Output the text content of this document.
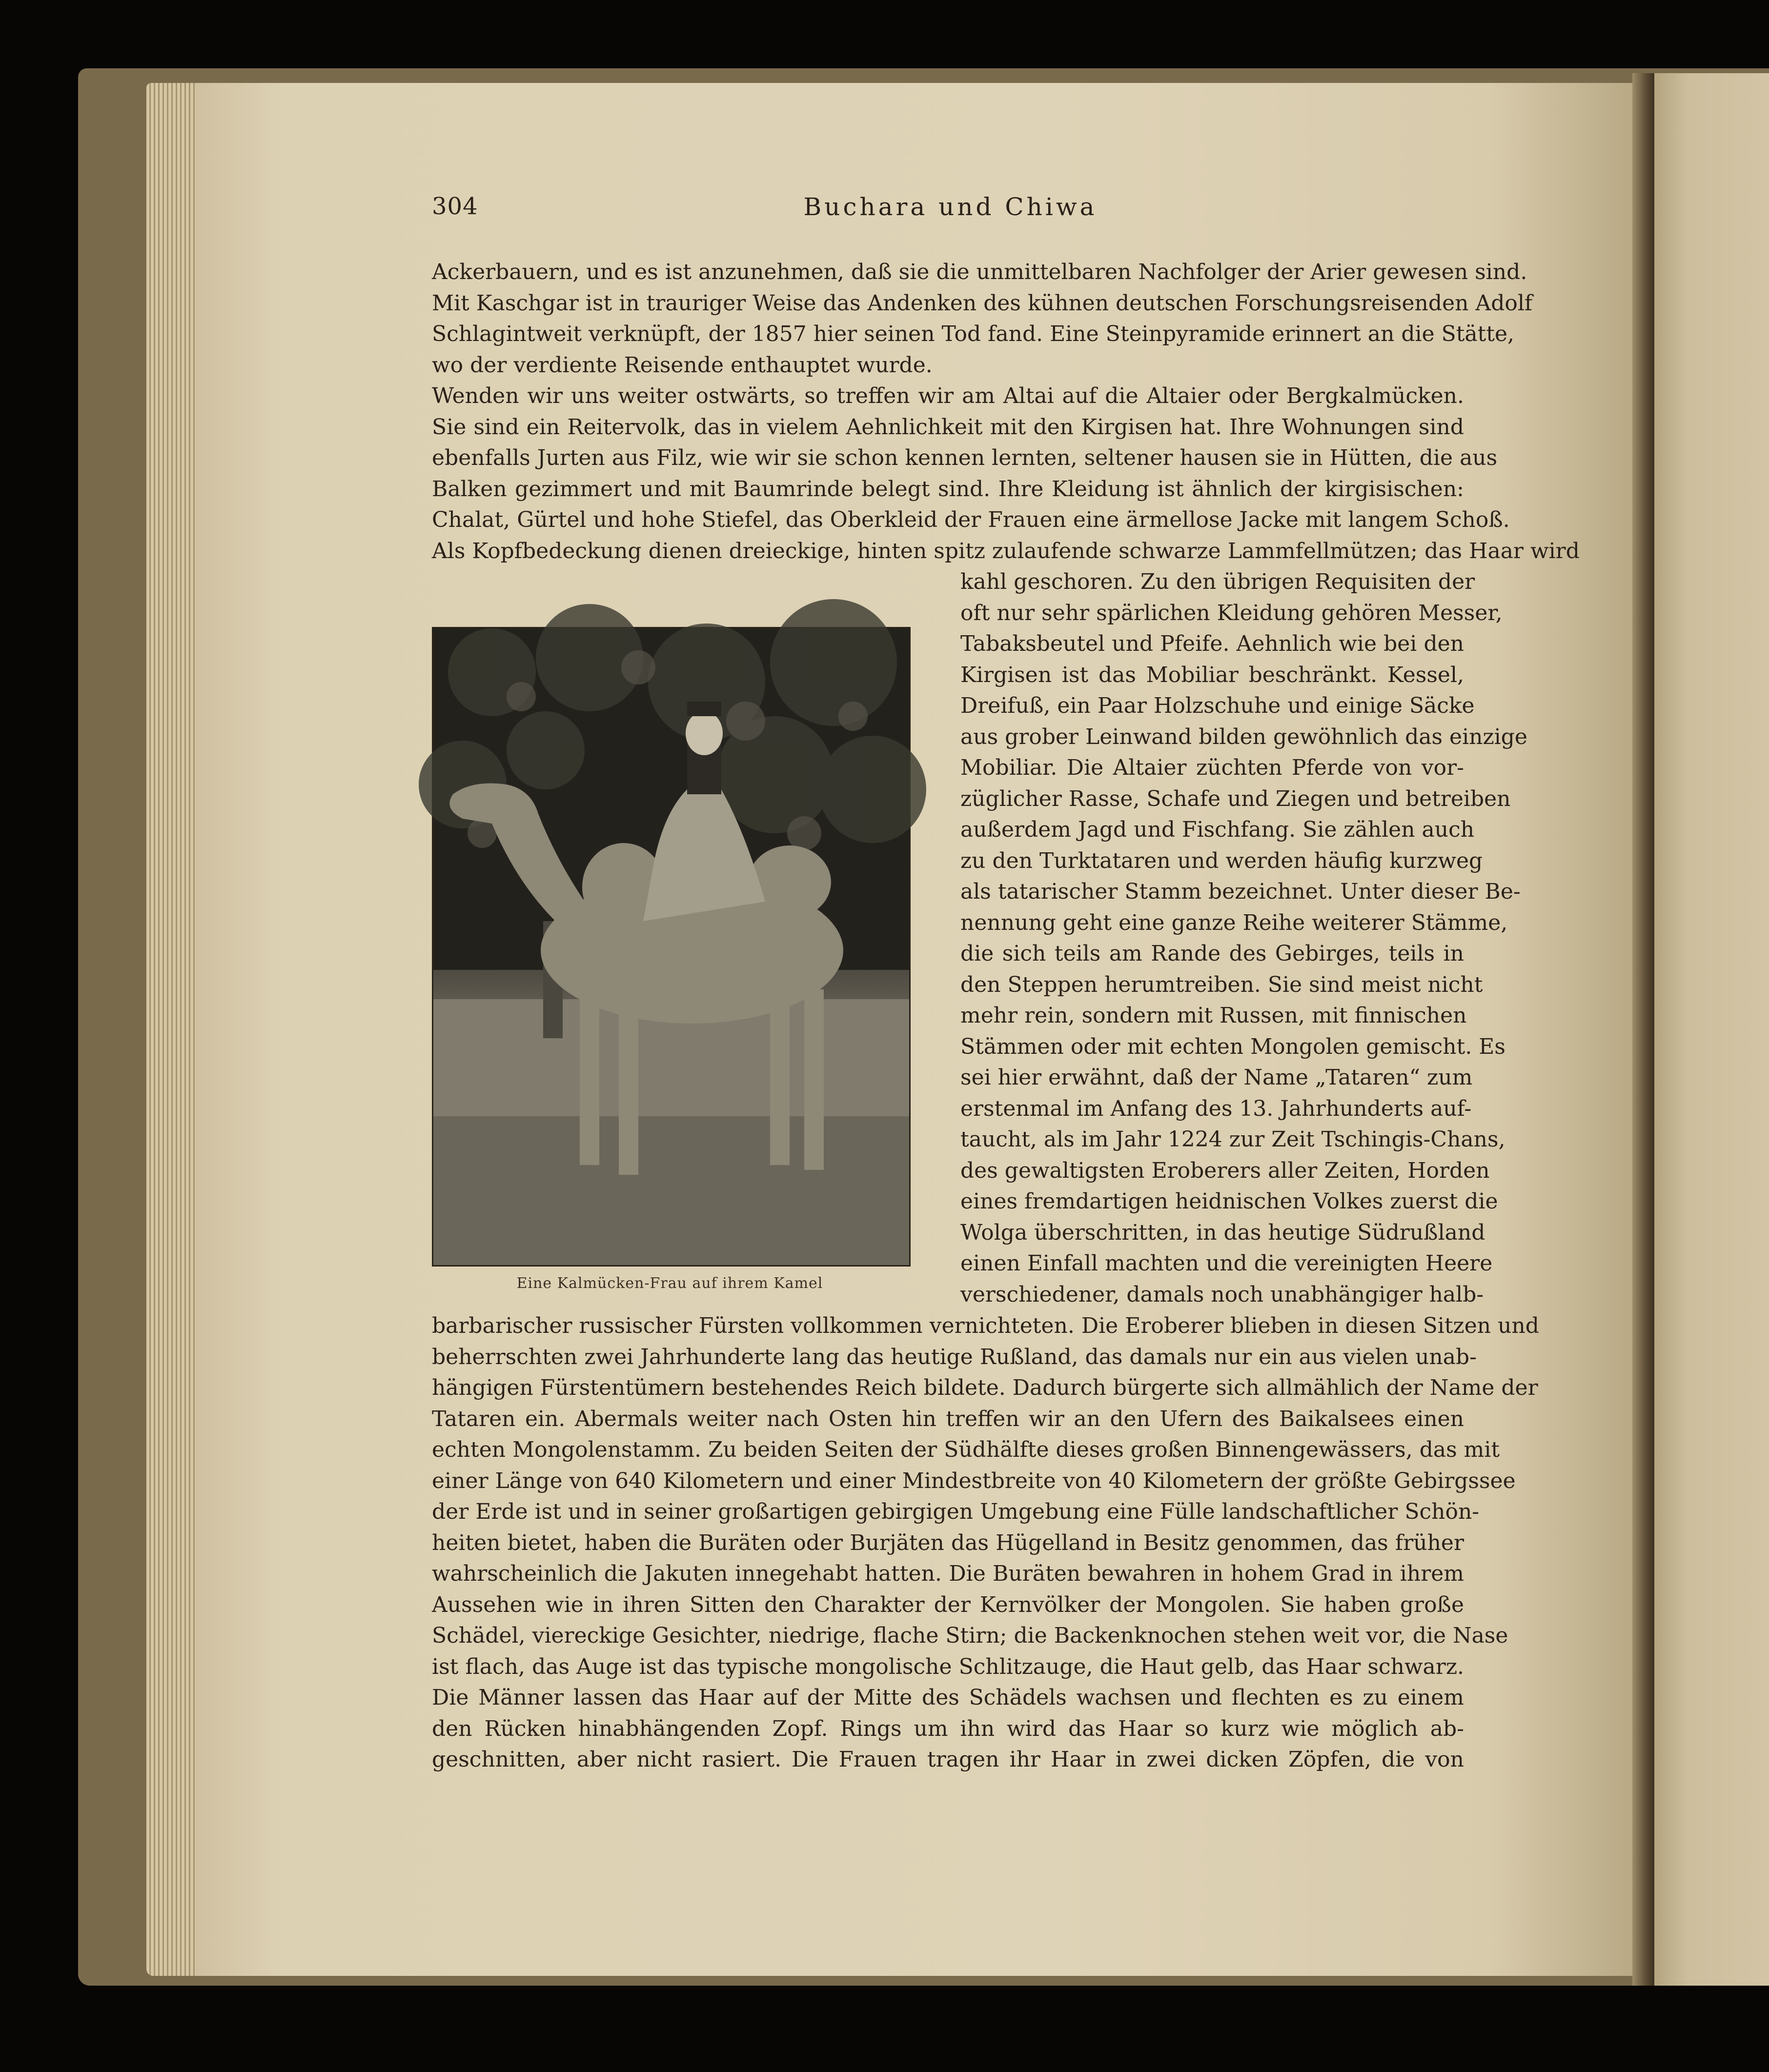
304	Buchara und Chiwa
Ackerbauern, und es ist anzunehmen, daß sie die unmittelbaren Nachfolger der Arier gewesen sind.
Mit Kaschgar ist in trauriger Weise das Andenken des kühnen deutschen Forschungsreisenden Adolf
Schlagintweit verknüpft, der 1857 hier seinen Tod fand. Eine Steinpyramide erinnert an die Stätte,
wo der verdiente Reisende enthauptet wurde.
Wenden wir uns weiter ostwärts, so treffen wir am Altai auf die Altaier oder Bergkalmücken.
Sie sind ein Reitervolk, das in vielem Aehnlichkeit mit den Kirgisen hat. Ihre Wohnungen sind
ebenfalls Jurten aus Filz, wie wir sie schon kennen lernten, seltener hausen sie in Hütten, die aus
Balken gezimmert und mit Baumrinde belegt sind. Ihre Kleidung ist ähnlich der kirgisischen:
Chalat, Gürtel und hohe Stiefel, das Oberkleid der Frauen eine ärmellose Jacke mit langem Schoß.
Als Kopfbedeckung dienen dreieckige, hinten spitz zulaufende schwarze Lammfellmützen; das Haar wird
kahl geschoren. Zu den übrigen Requisiten der
oft nur sehr spärlichen Kleidung gehören Messer,
Tabaksbeutel und Pfeife. Aehnlich wie bei den
Kirgisen ist das Mobiliar beschränkt. Kessel,
Dreifuß, ein Paar Holzschuhe und einige Säcke
aus grober Leinwand bilden gewöhnlich das einzige
Mobiliar. Die Altaier züchten Pferde von vor-
züglicher Rasse, Schafe und Ziegen und betreiben
außerdem Jagd und Fischfang. Sie zählen auch
zu den Turktataren und werden häufig kurzweg
als tatarischer Stamm bezeichnet. Unter dieser Be-
nennung geht eine ganze Reihe weiterer Stämme,
die sich teils am Rande des Gebirges, teils in
den Steppen herumtreiben. Sie sind meist nicht
mehr rein, sondern mit Russen, mit finnischen
Stämmen oder mit echten Mongolen gemischt. Es
sei hier erwähnt, daß der Name „Tataren“ zum
erstenmal im Anfang des 13. Jahrhunderts auf-
taucht, als im Jahr 1224 zur Zeit Tschingis-Chans,
des gewaltigsten Eroberers aller Zeiten, Horden
eines fremdartigen heidnischen Volkes zuerst die
Wolga überschritten, in das heutige Südrußland
einen Einfall machten und die vereinigten Heere
verschiedener, damals noch unabhängiger halb-
barbarischer russischer Fürsten vollkommen vernichteten. Die Eroberer blieben in diesen Sitzen und
beherrschten zwei Jahrhunderte lang das heutige Rußland, das damals nur ein aus vielen unab-
hängigen Fürstentümern bestehendes Reich bildete. Dadurch bürgerte sich allmählich der Name der
Tataren ein. Abermals weiter nach Osten hin treffen wir an den Ufern des Baikalsees einen
echten Mongolenstamm. Zu beiden Seiten der Südhälfte dieses großen Binnengewässers, das mit
einer Länge von 640 Kilometern und einer Mindestbreite von 40 Kilometern der größte Gebirgssee
der Erde ist und in seiner großartigen gebirgigen Umgebung eine Fülle landschaftlicher Schön-
heiten bietet, haben die Buräten oder Burjäten das Hügelland in Besitz genommen, das früher
wahrscheinlich die Jakuten innegehabt hatten. Die Buräten bewahren in hohem Grad in ihrem
Aussehen wie in ihren Sitten den Charakter der Kernvölker der Mongolen. Sie haben große
Schädel, viereckige Gesichter, niedrige, flache Stirn; die Backenknochen stehen weit vor, die Nase
ist flach, das Auge ist das typische mongolische Schlitzauge, die Haut gelb, das Haar schwarz.
Die Männer lassen das Haar auf der Mitte des Schädels wachsen und flechten es zu einem
den Rücken hinabhängenden Zopf. Rings um ihn wird das Haar so kurz wie möglich ab-
geschnitten, aber nicht rasiert. Die Frauen tragen ihr Haar in zwei dicken Zöpfen, die von
Eine Kalmücken-Frau auf ihrem Kamel
